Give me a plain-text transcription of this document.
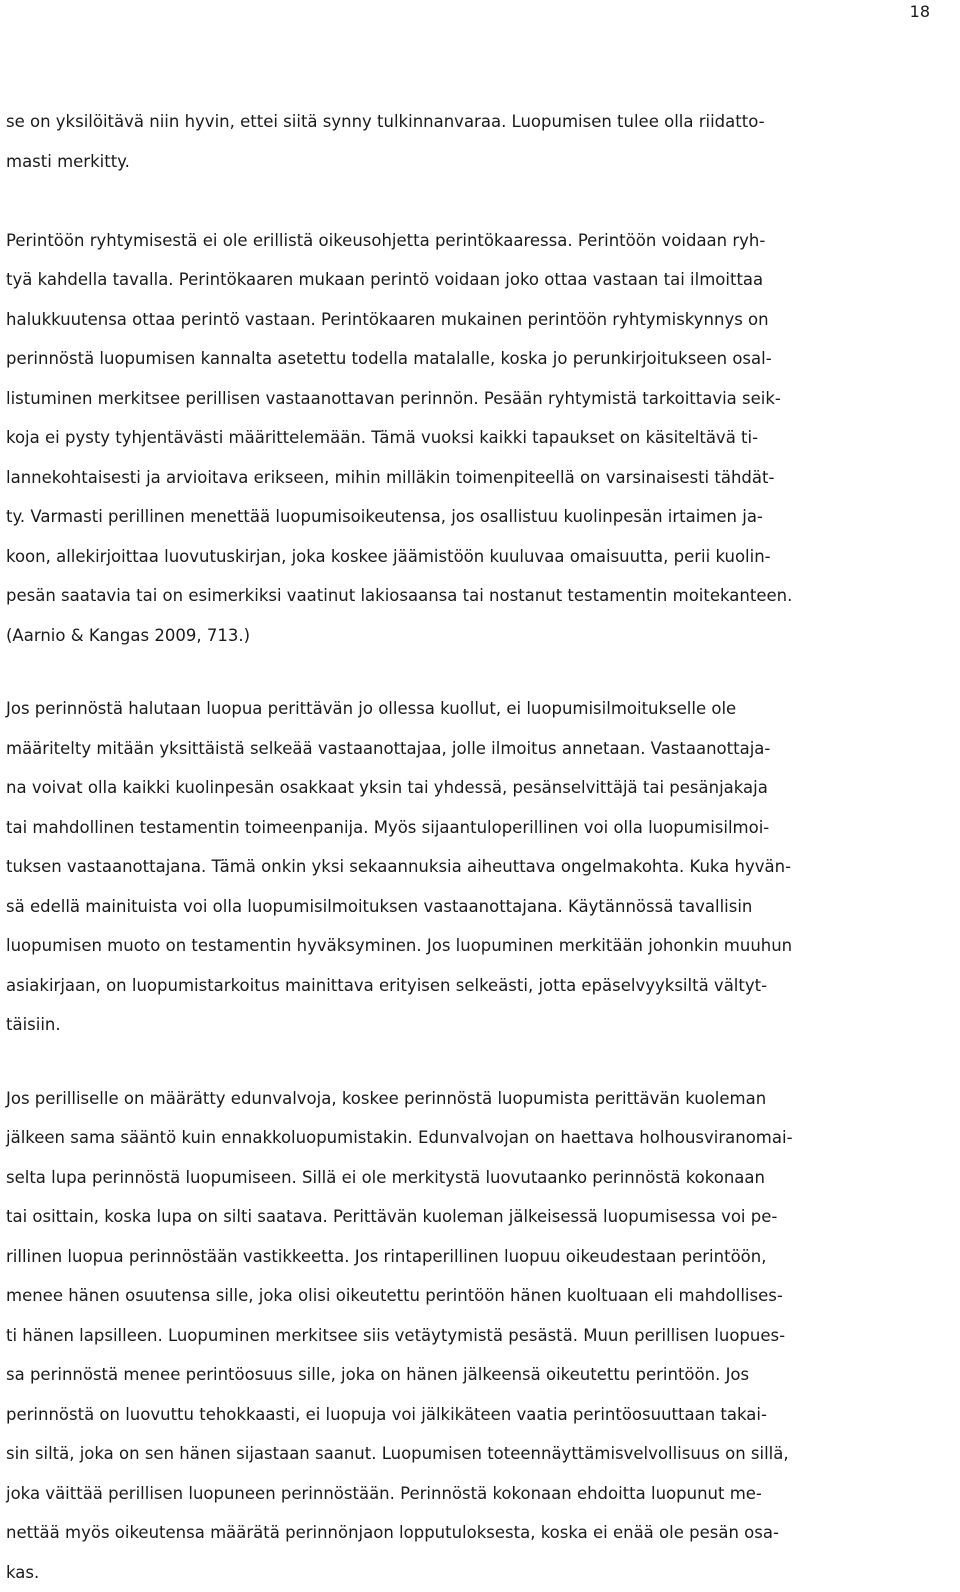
18
se on yksilöitävä niin hyvin, ettei siitä synny tulkinnanvaraa. Luopumisen tulee olla riidatto-
masti merkitty.
Perintöön ryhtymisestä ei ole erillistä oikeusohjetta perintökaaressa. Perintöön voidaan ryh-
tyä kahdella tavalla. Perintökaaren mukaan perintö voidaan joko ottaa vastaan tai ilmoittaa
halukkuutensa ottaa perintö vastaan. Perintökaaren mukainen perintöön ryhtymiskynnys on
perinnöstä luopumisen kannalta asetettu todella matalalle, koska jo perunkirjoitukseen osal-
listuminen merkitsee perillisen vastaanottavan perinnön. Pesään ryhtymistä tarkoittavia seik-
koja ei pysty tyhjentävästi määrittelemään. Tämä vuoksi kaikki tapaukset on käsiteltävä ti-
lannekohtaisesti ja arvioitava erikseen, mihin milläkin toimenpiteellä on varsinaisesti tähdät-
ty. Varmasti perillinen menettää luopumisoikeutensa, jos osallistuu kuolinpesän irtaimen ja-
koon, allekirjoittaa luovutuskirjan, joka koskee jäämistöön kuuluvaa omaisuutta, perii kuolin-
pesän saatavia tai on esimerkiksi vaatinut lakiosaansa tai nostanut testamentin moitekanteen.
(Aarnio & Kangas 2009, 713.)
Jos perinnöstä halutaan luopua perittävän jo ollessa kuollut, ei luopumisilmoitukselle ole
määritelty mitään yksittäistä selkeää vastaanottajaa, jolle ilmoitus annetaan. Vastaanottaja-
na voivat olla kaikki kuolinpesän osakkaat yksin tai yhdessä, pesänselvittäjä tai pesänjakaja
tai mahdollinen testamentin toimeenpanija. Myös sijaantuloperillinen voi olla luopumisilmoi-
tuksen vastaanottajana. Tämä onkin yksi sekaannuksia aiheuttava ongelmakohta. Kuka hyvän-
sä edellä mainituista voi olla luopumisilmoituksen vastaanottajana. Käytännössä tavallisin
luopumisen muoto on testamentin hyväksyminen. Jos luopuminen merkitään johonkin muuhun
asiakirjaan, on luopumistarkoitus mainittava erityisen selkeästi, jotta epäselvyyksiltä vältyt-
täisiin.
Jos perilliselle on määrätty edunvalvoja, koskee perinnöstä luopumista perittävän kuoleman
jälkeen sama sääntö kuin ennakkoluopumistakin. Edunvalvojan on haettava holhousviranomai-
selta lupa perinnöstä luopumiseen. Sillä ei ole merkitystä luovutaanko perinnöstä kokonaan
tai osittain, koska lupa on silti saatava. Perittävän kuoleman jälkeisessä luopumisessa voi pe-
rillinen luopua perinnöstään vastikkeetta. Jos rintaperillinen luopuu oikeudestaan perintöön,
menee hänen osuutensa sille, joka olisi oikeutettu perintöön hänen kuoltuaan eli mahdollises-
ti hänen lapsilleen. Luopuminen merkitsee siis vetäytymistä pesästä. Muun perillisen luopues-
sa perinnöstä menee perintöosuus sille, joka on hänen jälkeensä oikeutettu perintöön. Jos
perinnöstä on luovuttu tehokkaasti, ei luopuja voi jälkikäteen vaatia perintöosuuttaan takai-
sin siltä, joka on sen hänen sijastaan saanut. Luopumisen toteennäyttämisvelvollisuus on sillä,
joka väittää perillisen luopuneen perinnöstään. Perinnöstä kokonaan ehdoitta luopunut me-
nettää myös oikeutensa määrätä perinnönjaon lopputuloksesta, koska ei enää ole pesän osa-
kas.
